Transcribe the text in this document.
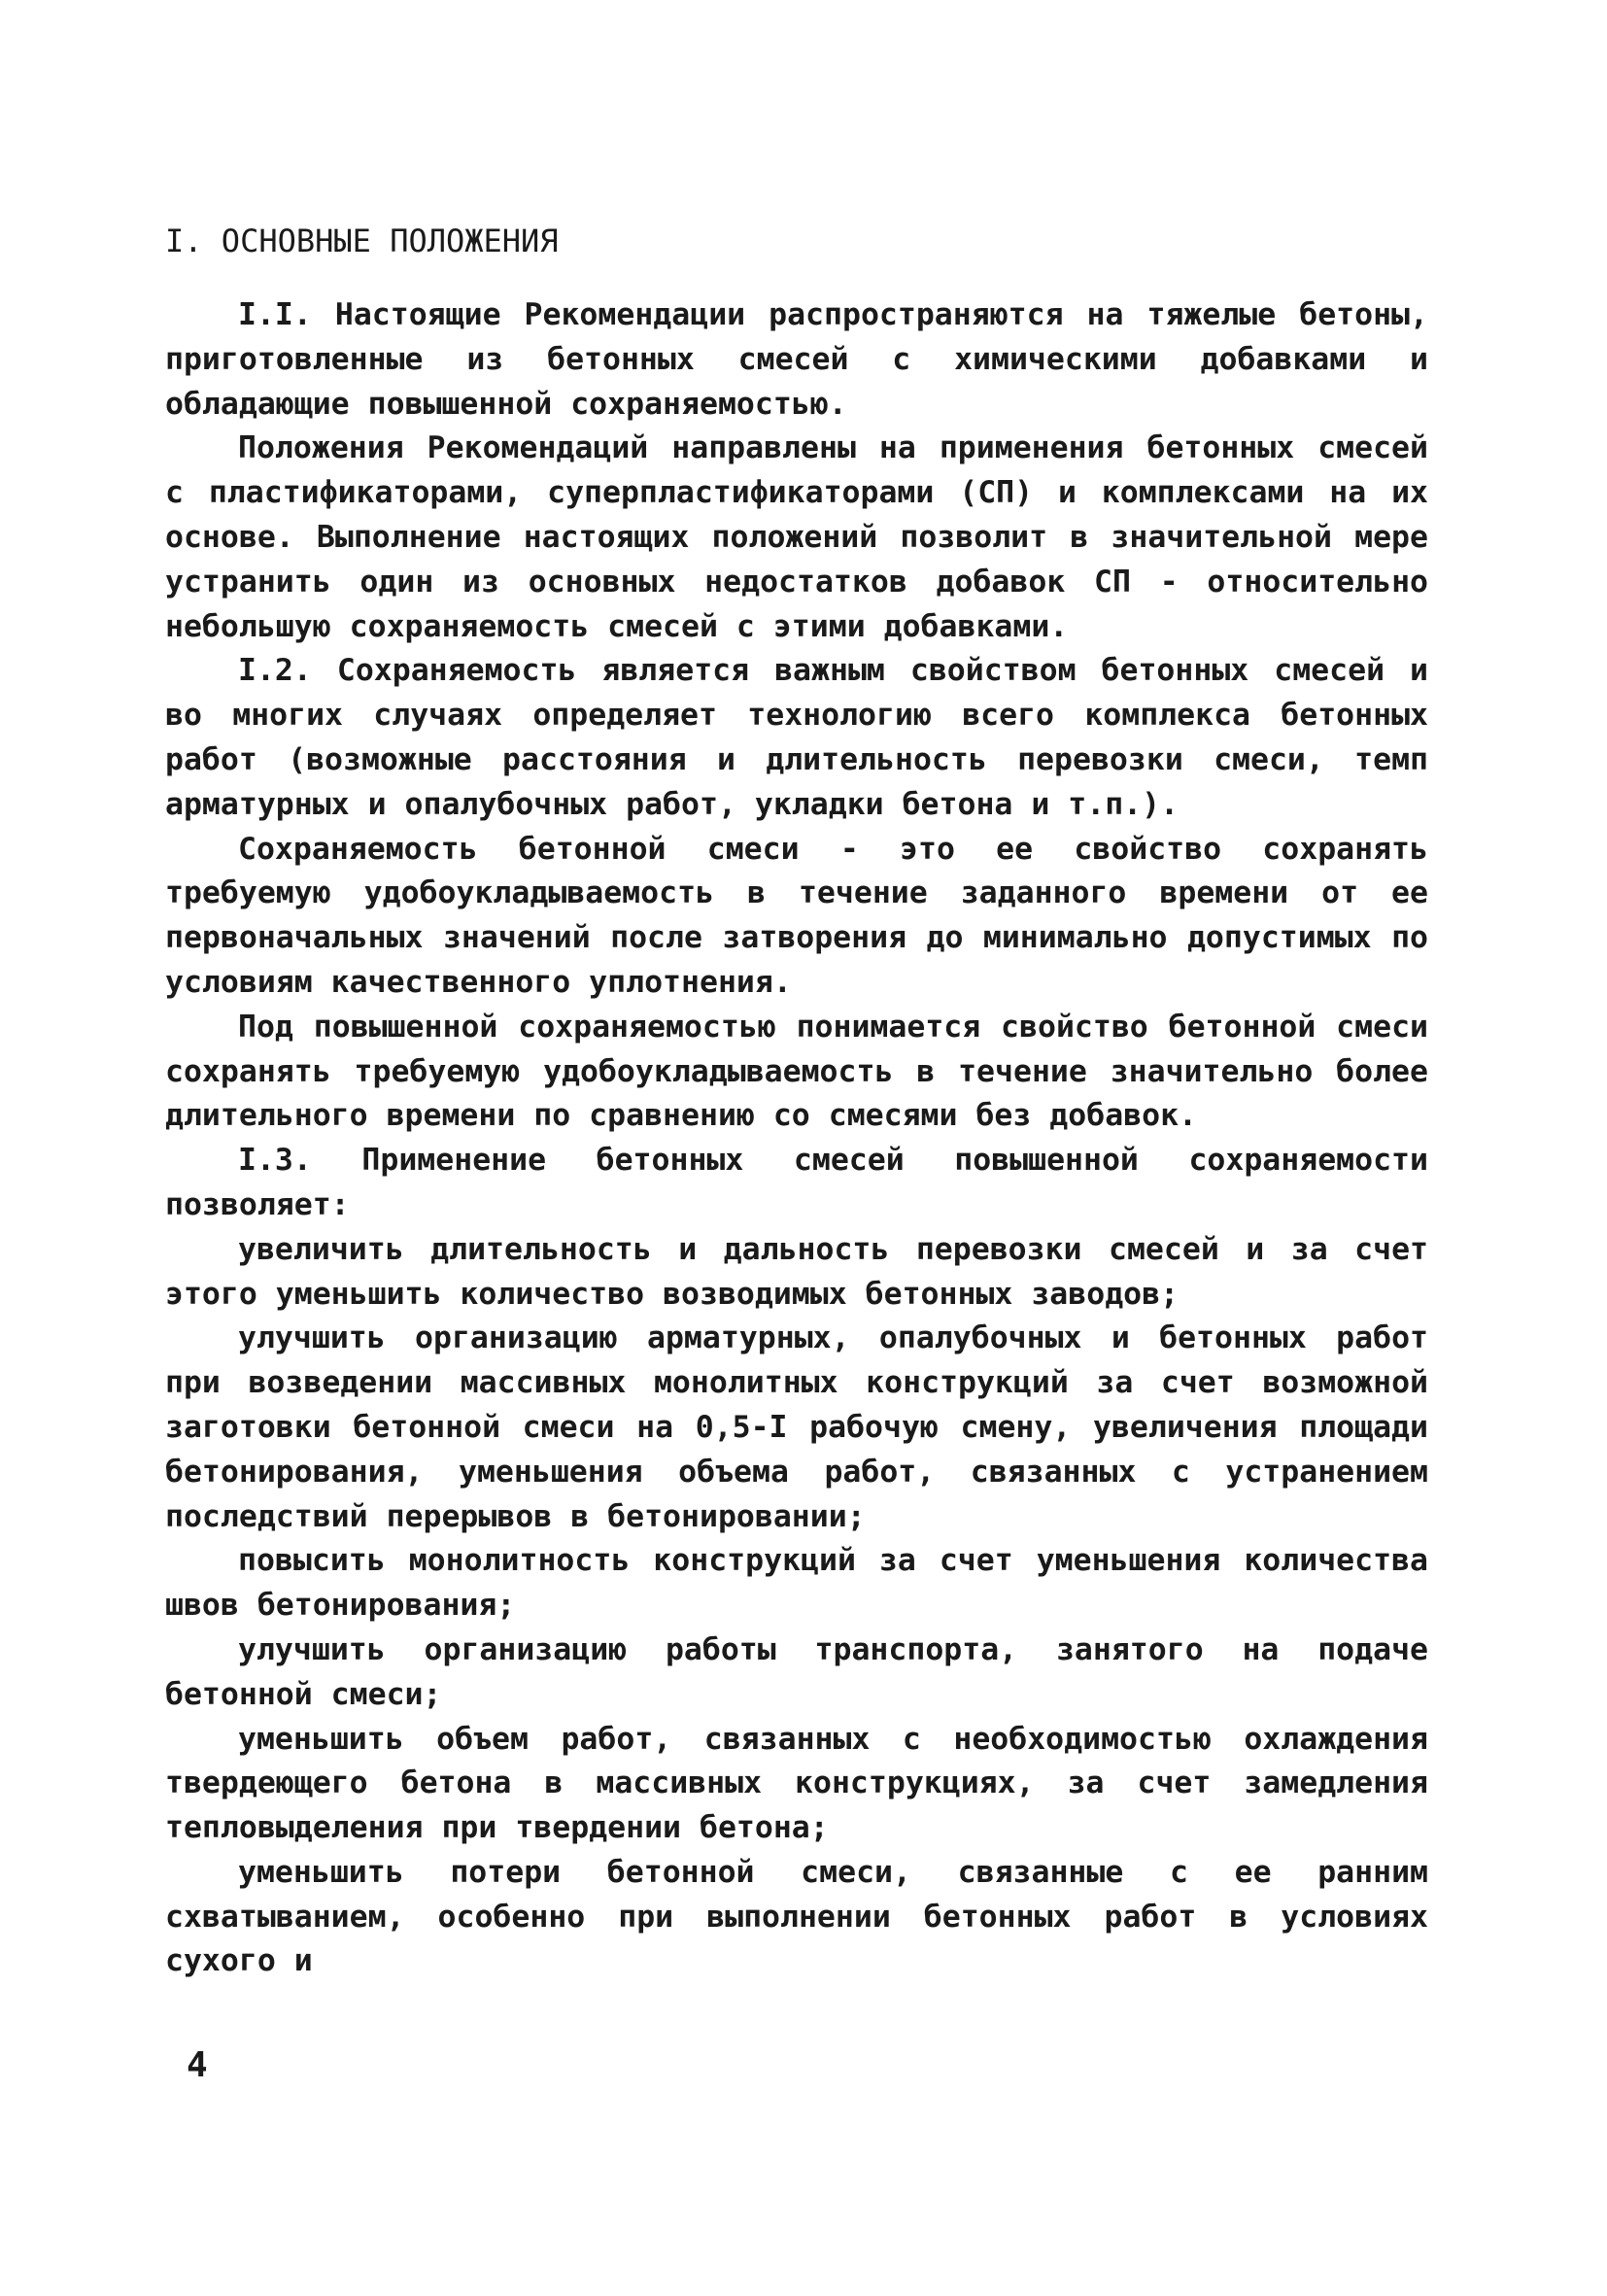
I. ОСНОВНЫЕ ПОЛОЖЕНИЯ

I.I. Настоящие Рекомендации распространяются на тяжелые бетоны, приготовленные из бетонных смесей с химическими добавками и обладающие повышенной сохраняемостью.

Положения Рекомендаций направлены на применения бетонных смесей с пластификаторами, суперпластификаторами (СП) и комплексами на их основе. Выполнение настоящих положений позволит в значительной мере устранить один из основных недостатков добавок СП - относительно небольшую сохраняемость смесей с этими добавками.

I.2. Сохраняемость является важным свойством бетонных смесей и во многих случаях определяет технологию всего комплекса бетонных работ (возможные расстояния и длительность перевозки смеси, темп арматурных и опалубочных работ, укладки бетона и т.п.).

Сохраняемость бетонной смеси - это ее свойство сохранять требуемую удобоукладываемость в течение заданного времени от ее первоначальных значений после затворения до минимально допустимых по условиям качественного уплотнения.

Под повышенной сохраняемостью понимается свойство бетонной смеси сохранять требуемую удобоукладываемость в течение значительно более длительного времени по сравнению со смесями без добавок.

I.3. Применение бетонных смесей повышенной сохраняемости позволяет:

увеличить длительность и дальность перевозки смесей и за счет этого уменьшить количество возводимых бетонных заводов;

улучшить организацию арматурных, опалубочных и бетонных работ при возведении массивных монолитных конструкций за счет возможной заготовки бетонной смеси на 0,5-I рабочую смену, увеличения площади бетонирования, уменьшения объема работ, связанных с устранением последствий перерывов в бетонировании;

повысить монолитность конструкций за счет уменьшения количества швов бетонирования;

улучшить организацию работы транспорта, занятого на подаче бетонной смеси;

уменьшить объем работ, связанных с необходимостью охлаждения твердеющего бетона в массивных конструкциях, за счет замедления тепловыделения при твердении бетона;

уменьшить потери бетонной смеси, связанные с ее ранним схватыванием, особенно при выполнении бетонных работ в условиях сухого и

4
